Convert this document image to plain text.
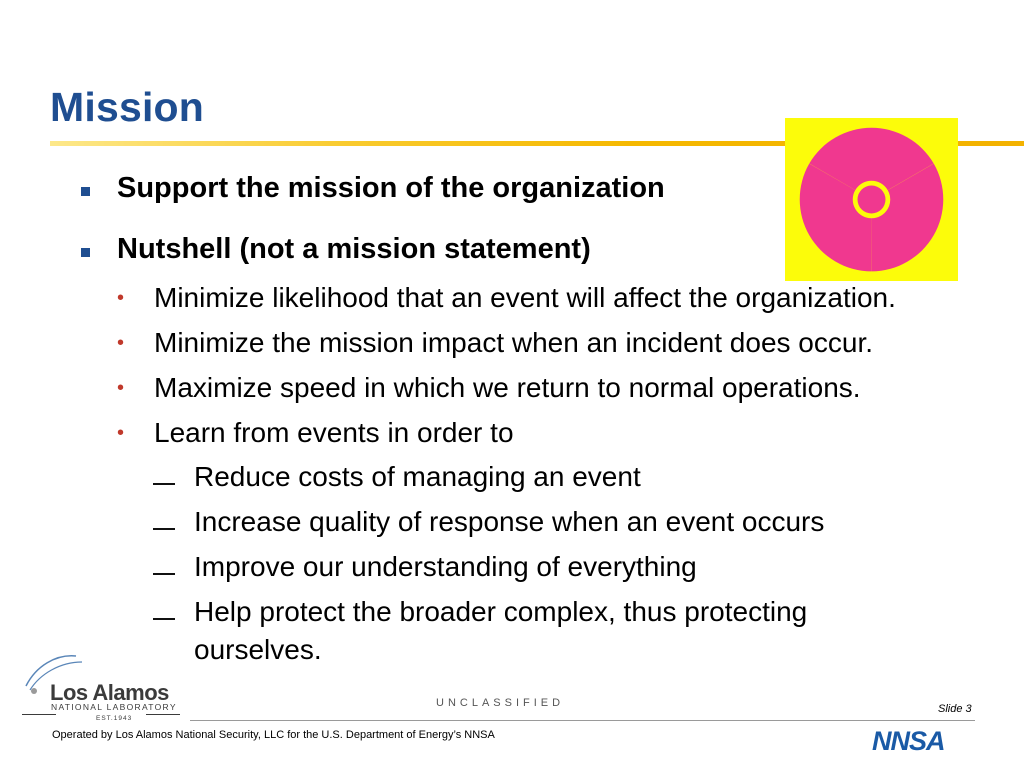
Mission
Support the mission of the organization
Nutshell (not a mission statement)
• Minimize likelihood that an event will affect the organization.
• Minimize the mission impact when an incident does occur.
• Maximize speed in which we return to normal operations.
• Learn from events in order to
Reduce costs of managing an event
Increase quality of response when an event occurs
Improve our understanding of everything
Help protect the broader complex, thus protecting
ourselves.
Los Alamos
NATIONAL LABORATORY
EST.1943
UNCLASSIFIED	Slide 3
Operated by Los Alamos National Security, LLC for the U.S. Department of Energy’s NNSA	NNSA
